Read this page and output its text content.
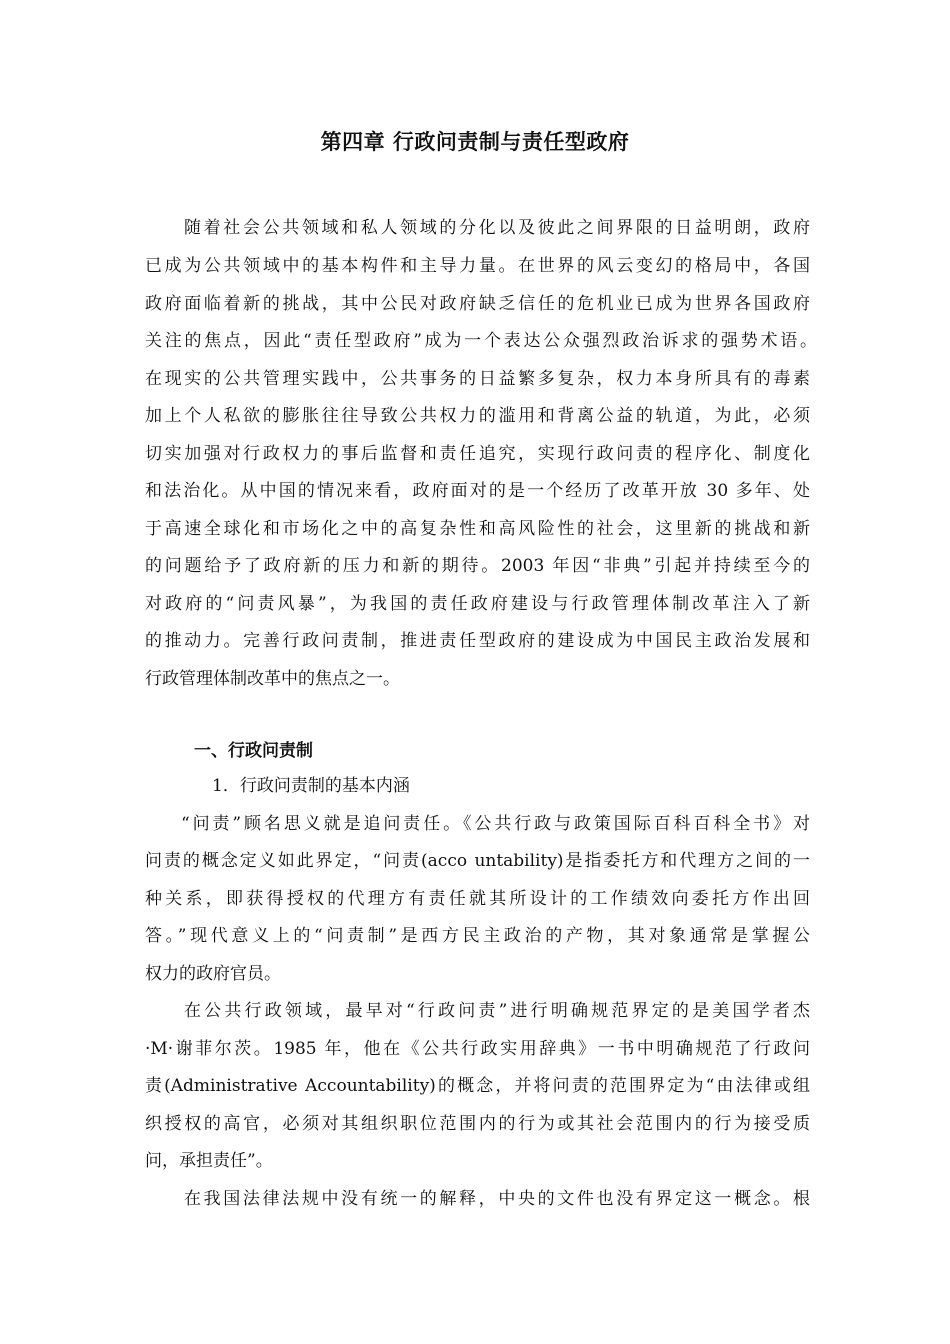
第四章 行政问责制与责任型政府
随着社会公共领域和私人领域的分化以及彼此之间界限的日益明朗，政府
已成为公共领域中的基本构件和主导力量。在世界的风云变幻的格局中，各国
政府面临着新的挑战，其中公民对政府缺乏信任的危机业已成为世界各国政府
关注的焦点，因此“责任型政府”成为一个表达公众强烈政治诉求的强势术语。
在现实的公共管理实践中，公共事务的日益繁多复杂，权力本身所具有的毒素
加上个人私欲的膨胀往往导致公共权力的滥用和背离公益的轨道，为此，必须
切实加强对行政权力的事后监督和责任追究，实现行政问责的程序化、制度化
和法治化。从中国的情况来看，政府面对的是一个经历了改革开放 30 多年、处
于高速全球化和市场化之中的高复杂性和高风险性的社会，这里新的挑战和新
的问题给予了政府新的压力和新的期待。2003 年因“非典”引起并持续至今的
对政府的“问责风暴”，为我国的责任政府建设与行政管理体制改革注入了新
的推动力。完善行政问责制，推进责任型政府的建设成为中国民主政治发展和
行政管理体制改革中的焦点之一。
一、行政问责制
1．行政问责制的基本内涵
“问责”顾名思义就是追问责任。《公共行政与政策国际百科百科全书》对
问责的概念定义如此界定，“问责(acco untability)是指委托方和代理方之间的一
种关系，即获得授权的代理方有责任就其所设计的工作绩效向委托方作出回
答。”现代意义上的“问责制”是西方民主政治的产物，其对象通常是掌握公
权力的政府官员。
在公共行政领域，最早对“行政问责”进行明确规范界定的是美国学者杰
·M·谢菲尔茨。1985 年，他在《公共行政实用辞典》一书中明确规范了行政问
责(Administrative Accountability)的概念，并将问责的范围界定为“由法律或组
织授权的高官，必须对其组织职位范围内的行为或其社会范围内的行为接受质
问，承担责任”。
在我国法律法规中没有统一的解释，中央的文件也没有界定这一概念。根
